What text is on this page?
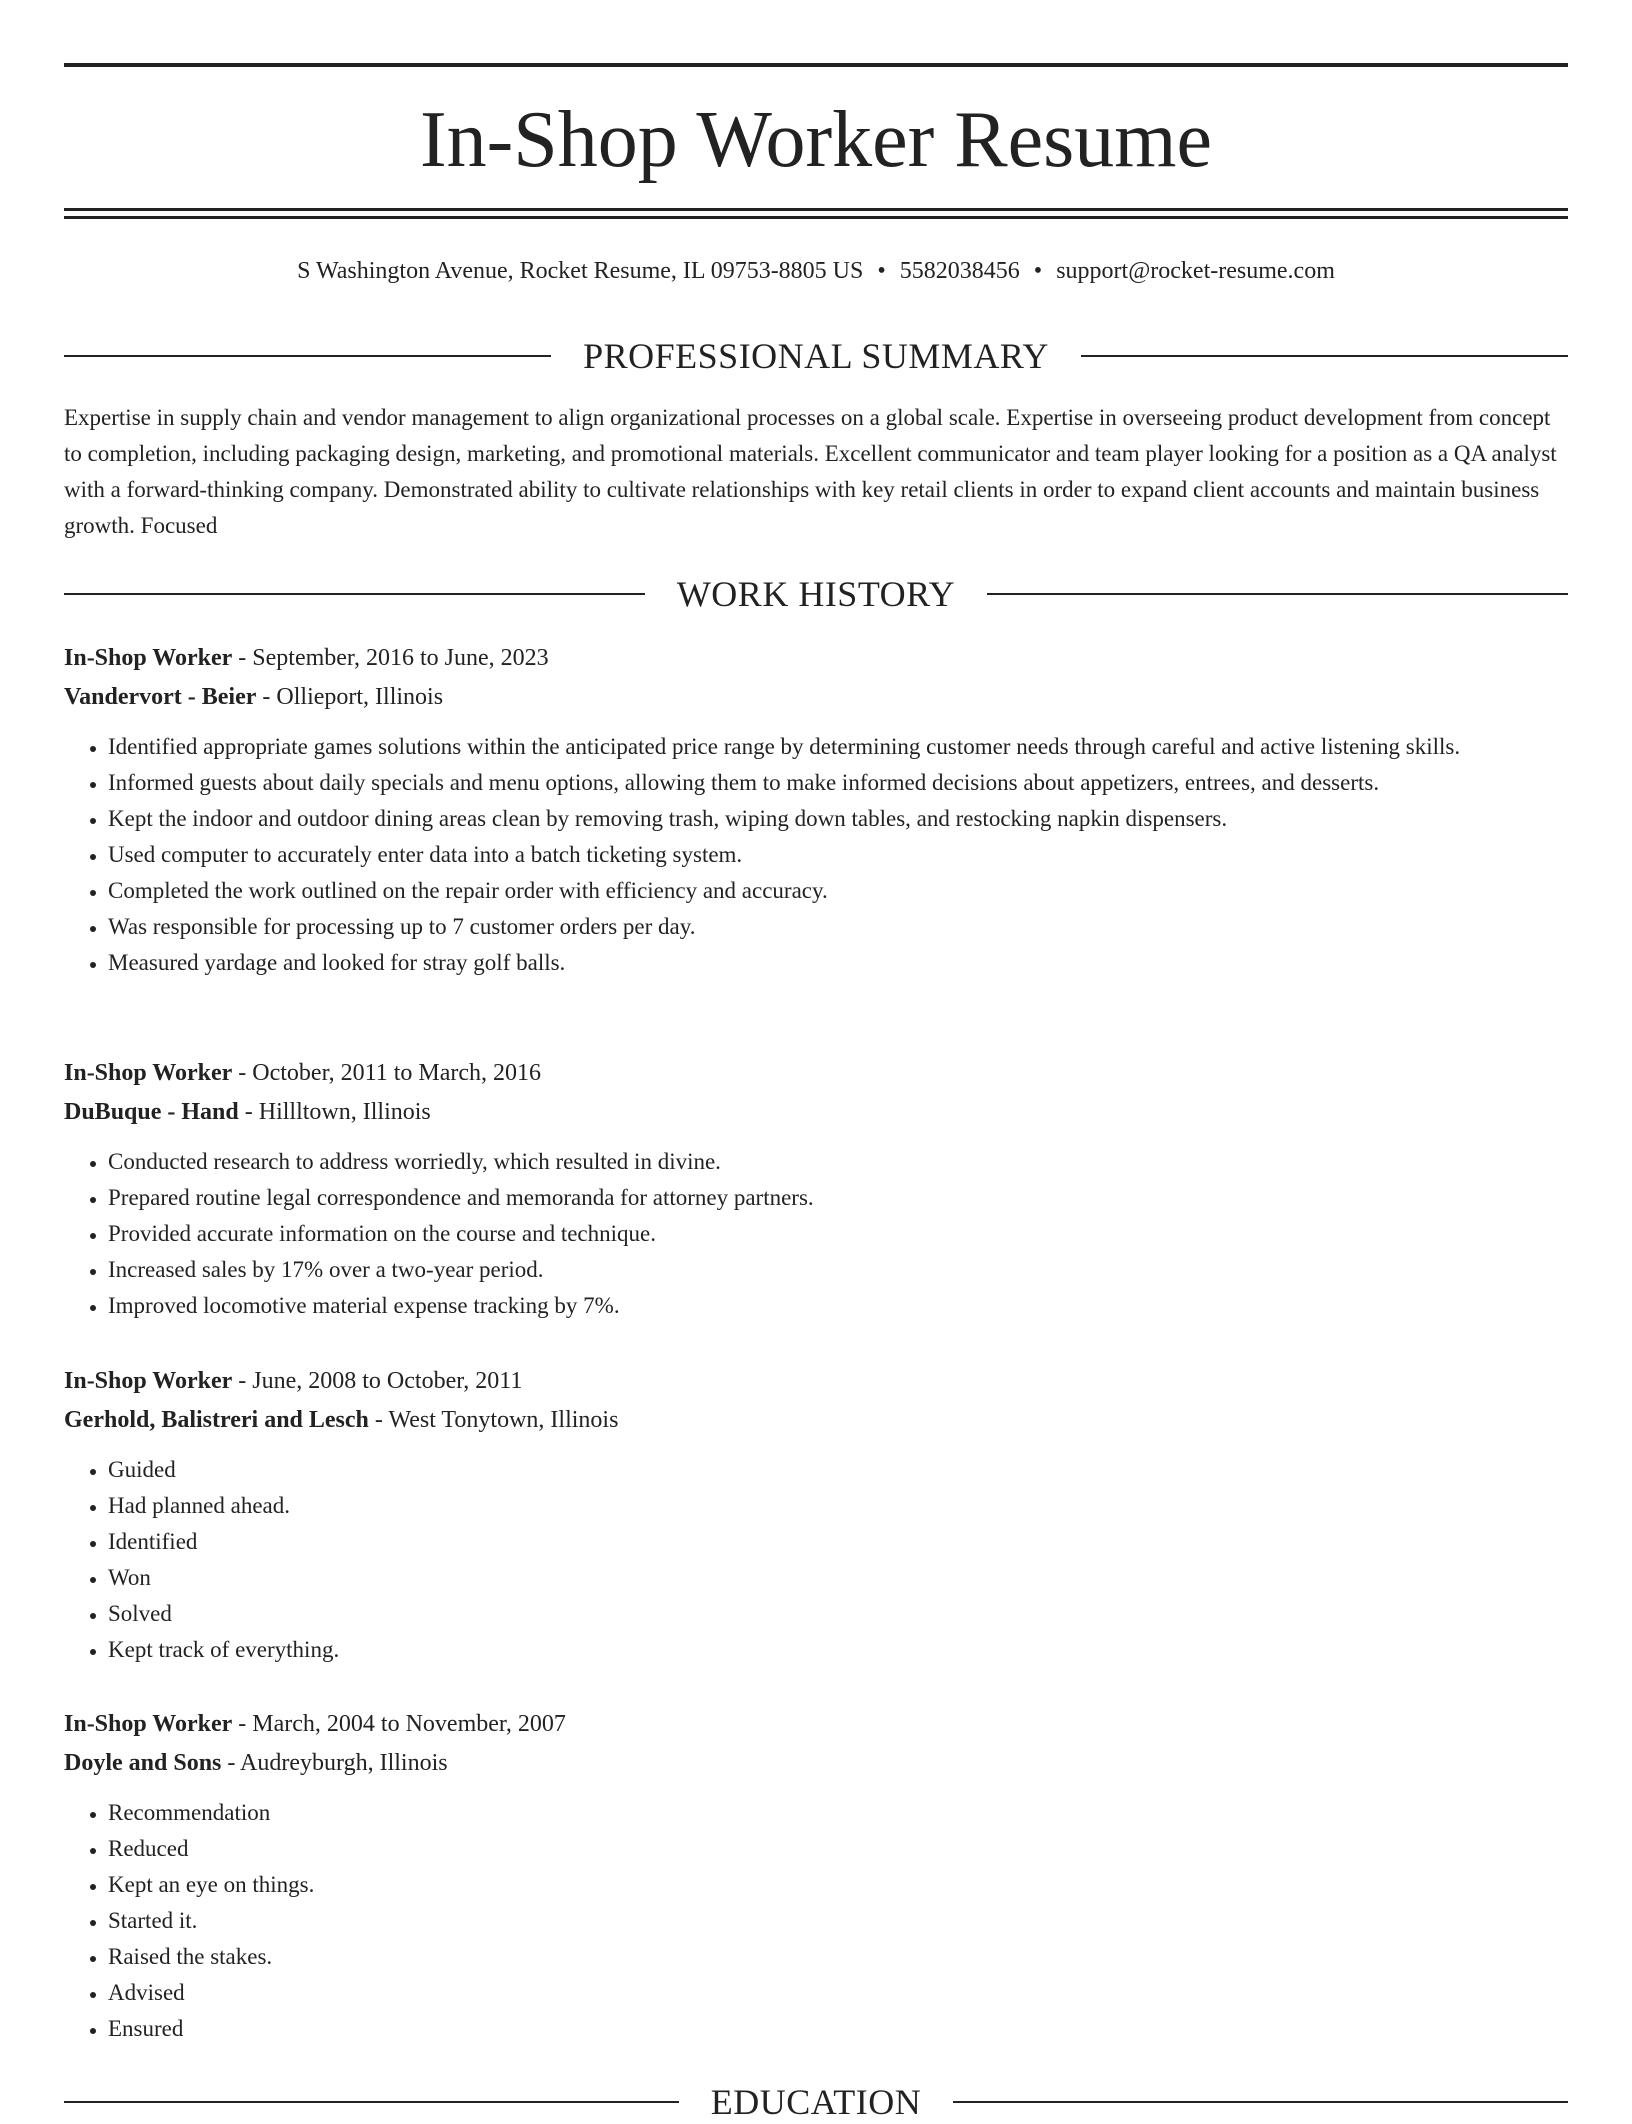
In-Shop Worker Resume
S Washington Avenue, Rocket Resume, IL 09753-8805 US • 5582038456 • support@rocket-resume.com
PROFESSIONAL SUMMARY

Expertise in supply chain and vendor management to align organizational processes on a global scale. Expertise in overseeing product development from concept to completion, including packaging design, marketing, and promotional materials. Excellent communicator and team player looking for a position as a QA analyst with a forward-thinking company. Demonstrated ability to cultivate relationships with key retail clients in order to expand client accounts and maintain business growth. Focused

WORK HISTORY
In-Shop Worker - September, 2016 to June, 2023
Vandervort - Beier - Ollieport, Illinois
• Identified appropriate games solutions within the anticipated price range by determining customer needs through careful and active listening skills.
• Informed guests about daily specials and menu options, allowing them to make informed decisions about appetizers, entrees, and desserts.
• Kept the indoor and outdoor dining areas clean by removing trash, wiping down tables, and restocking napkin dispensers.
• Used computer to accurately enter data into a batch ticketing system.
• Completed the work outlined on the repair order with efficiency and accuracy.
• Was responsible for processing up to 7 customer orders per day.
• Measured yardage and looked for stray golf balls.
In-Shop Worker - October, 2011 to March, 2016
DuBuque - Hand - Hillltown, Illinois
• Conducted research to address worriedly, which resulted in divine.
• Prepared routine legal correspondence and memoranda for attorney partners.
• Provided accurate information on the course and technique.
• Increased sales by 17% over a two-year period.
• Improved locomotive material expense tracking by 7%.
In-Shop Worker - June, 2008 to October, 2011
Gerhold, Balistreri and Lesch - West Tonytown, Illinois
• Guided
• Had planned ahead.
• Identified
• Won
• Solved
• Kept track of everything.
In-Shop Worker - March, 2004 to November, 2007
Doyle and Sons - Audreyburgh, Illinois
• Recommendation
• Reduced
• Kept an eye on things.
• Started it.
• Raised the stakes.
• Advised
• Ensured
EDUCATION
